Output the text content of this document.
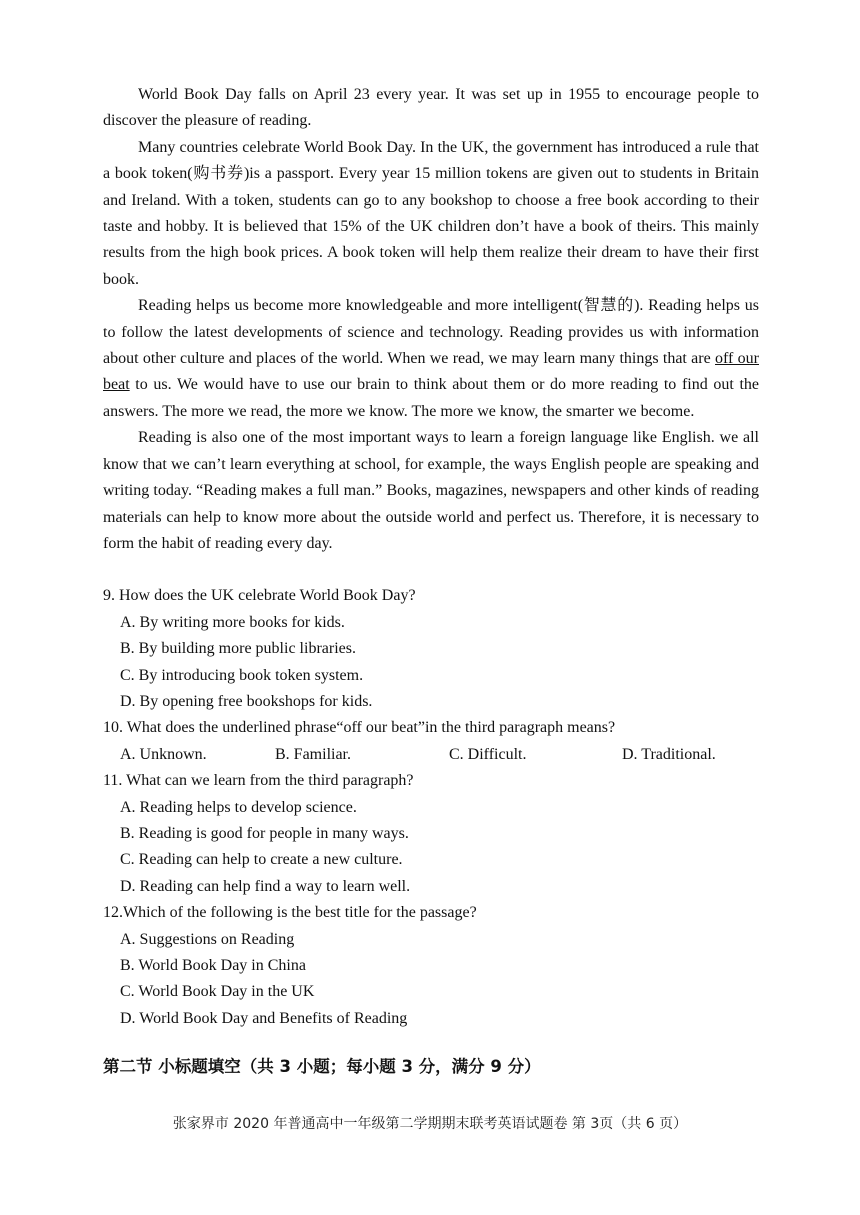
World Book Day falls on April 23 every year. It was set up in 1955 to encourage people to discover the pleasure of reading.

Many countries celebrate World Book Day. In the UK, the government has introduced a rule that a book token(购书券)is a passport. Every year 15 million tokens are given out to students in Britain and Ireland. With a token, students can go to any bookshop to choose a free book according to their taste and hobby. It is believed that 15% of the UK children don’t have a book of theirs. This mainly results from the high book prices. A book token will help them realize their dream to have their first book.

Reading helps us become more knowledgeable and more intelligent(智慧的). Reading helps us to follow the latest developments of science and technology. Reading provides us with information about other culture and places of the world. When we read, we may learn many things that are off our beat to us. We would have to use our brain to think about them or do more reading to find out the answers. The more we read, the more we know. The more we know, the smarter we become.

Reading is also one of the most important ways to learn a foreign language like English. we all know that we can’t learn everything at school, for example, the ways English people are speaking and writing today. “Reading makes a full man.” Books, magazines, newspapers and other kinds of reading materials can help to know more about the outside world and perfect us. Therefore, it is necessary to form the habit of reading every day.

9. How does the UK celebrate World Book Day?

A. By writing more books for kids.

B. By building more public libraries.

C. By introducing book token system.

D. By opening free bookshops for kids.

10. What does the underlined phrase“off our beat”in the third paragraph means?

A. Unknown.	B. Familiar.	C. Difficult.	D. Traditional.

11. What can we learn from the third paragraph?

A. Reading helps to develop science.

B. Reading is good for people in many ways.

C. Reading can help to create a new culture.

D. Reading can help find a way to learn well.

12.Which of the following is the best title for the passage?

A. Suggestions on Reading

B. World Book Day in China

C. World Book Day in the UK

D. World Book Day and Benefits of Reading

第二节 小标题填空（共 3 小题；每小题 3 分，满分 9 分）
张家界市 2020 年普通高中一年级第二学期期末联考英语试题卷 第 3页（共 6 页）
